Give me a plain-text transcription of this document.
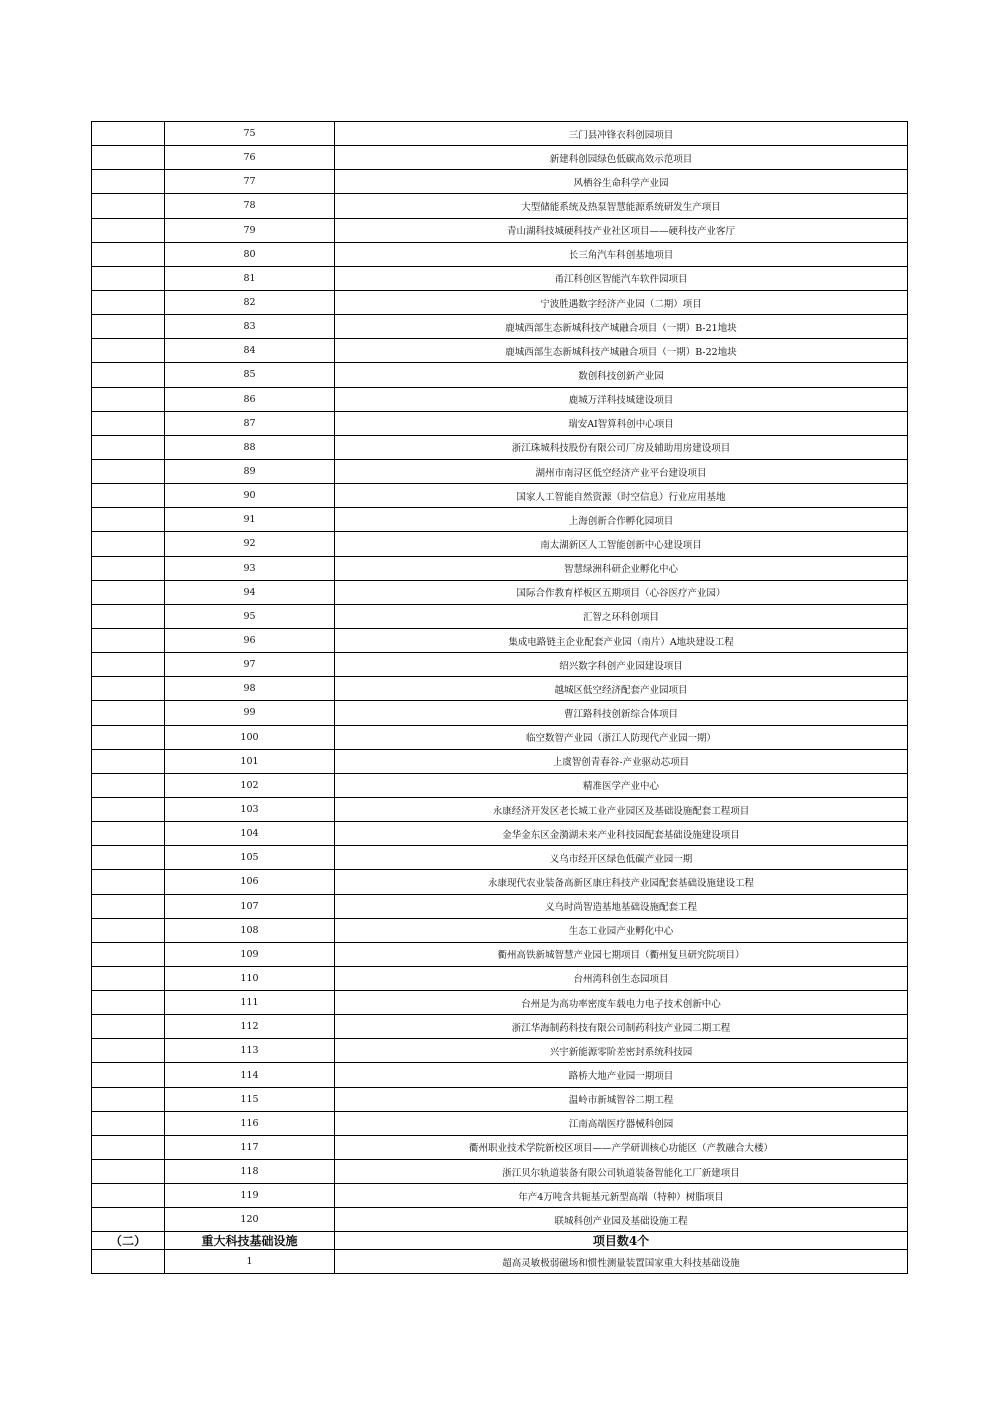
	75	三门县冲锋衣科创园项目
	76	新建科创园绿色低碳高效示范项目
	77	风栖谷生命科学产业园
	78	大型储能系统及热泵智慧能源系统研发生产项目
	79	青山湖科技城硬科技产业社区项目——硬科技产业客厅
	80	长三角汽车科创基地项目
	81	甬江科创区智能汽车软件园项目
	82	宁波胜遇数字经济产业园（二期）项目
	83	鹿城西部生态新城科技产城融合项目（一期）B-21地块
	84	鹿城西部生态新城科技产城融合项目（一期）B-22地块
	85	数创科技创新产业园
	86	鹿城万洋科技城建设项目
	87	瑞安AI智算科创中心项目
	88	浙江珠城科技股份有限公司厂房及辅助用房建设项目
	89	湖州市南浔区低空经济产业平台建设项目
	90	国家人工智能自然资源（时空信息）行业应用基地
	91	上海创新合作孵化园项目
	92	南太湖新区人工智能创新中心建设项目
	93	智慧绿洲科研企业孵化中心
	94	国际合作教育样板区五期项目（心谷医疗产业园）
	95	汇智之环科创项目
	96	集成电路链主企业配套产业园（南片）A地块建设工程
	97	绍兴数字科创产业园建设项目
	98	越城区低空经济配套产业园项目
	99	曹江路科技创新综合体项目
	100	临空数智产业园（浙江人防现代产业园一期）
	101	上虞智创青春谷-产业驱动芯项目
	102	精准医学产业中心
	103	永康经济开发区老长城工业产业园区及基础设施配套工程项目
	104	金华金东区金漪湖未来产业科技园配套基础设施建设项目
	105	义乌市经开区绿色低碳产业园一期
	106	永康现代农业装备高新区康庄科技产业园配套基础设施建设工程
	107	义乌时尚智造基地基础设施配套工程
	108	生态工业园产业孵化中心
	109	衢州高铁新城智慧产业园七期项目（衢州复旦研究院项目）
	110	台州湾科创生态园项目
	111	台州是为高功率密度车载电力电子技术创新中心
	112	浙江华海制药科技有限公司制药科技产业园二期工程
	113	兴宇新能源零阶差密封系统科技园
	114	路桥大地产业园一期项目
	115	温岭市新城智谷二期工程
	116	江南高端医疗器械科创园
	117	衢州职业技术学院新校区项目——产学研训核心功能区（产教融合大楼）
	118	浙江贝尔轨道装备有限公司轨道装备智能化工厂新建项目
	119	年产4万吨含共轭基元新型高端（特种）树脂项目
	120	联城科创产业园及基础设施工程
（二）	重大科技基础设施	项目数4个
	1	超高灵敏极弱磁场和惯性测量装置国家重大科技基础设施
